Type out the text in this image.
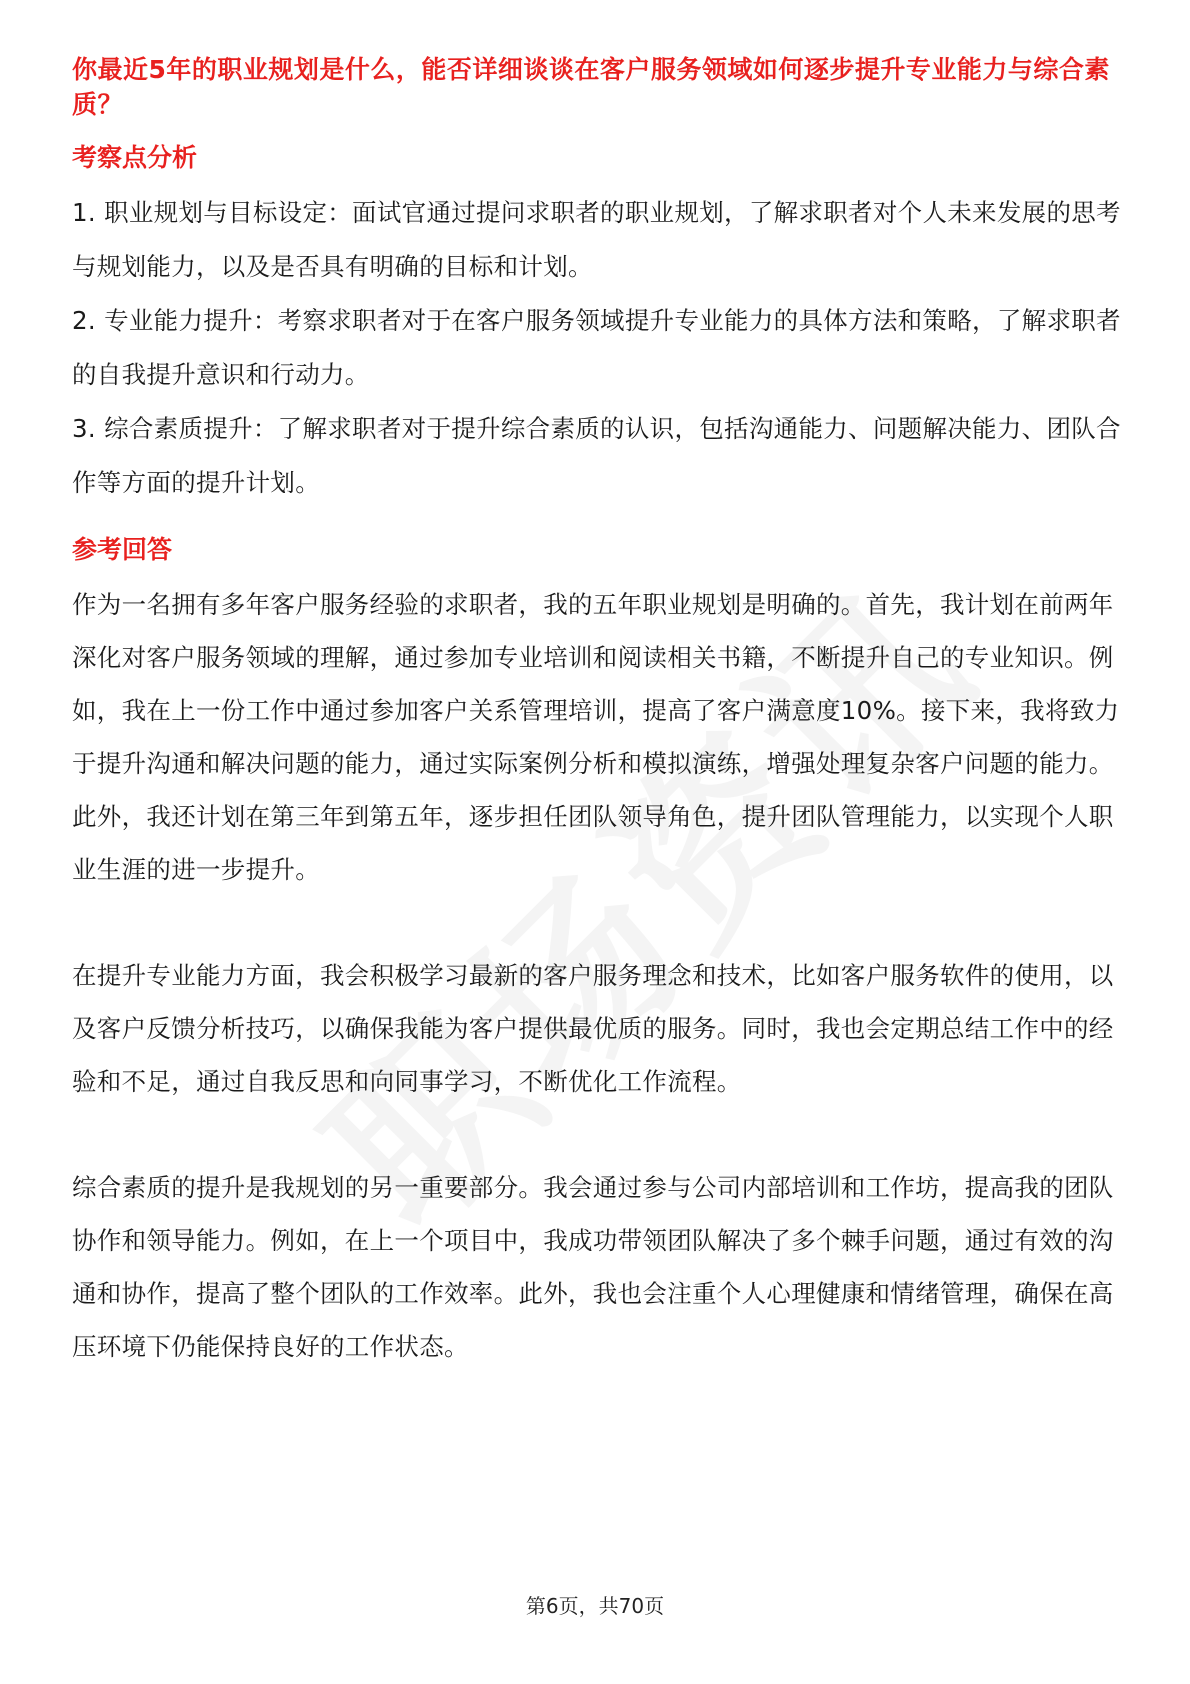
你最近5年的职业规划是什么，能否详细谈谈在客户服务领域如何逐步提升专业能力与综合素质？
考察点分析

1. 职业规划与目标设定：面试官通过提问求职者的职业规划，了解求职者对个人未来发展的思考与规划能力，以及是否具有明确的目标和计划。

2. 专业能力提升：考察求职者对于在客户服务领域提升专业能力的具体方法和策略，了解求职者的自我提升意识和行动力。

3. 综合素质提升：了解求职者对于提升综合素质的认识，包括沟通能力、问题解决能力、团队合作等方面的提升计划。

参考回答

作为一名拥有多年客户服务经验的求职者，我的五年职业规划是明确的。首先，我计划在前两年深化对客户服务领域的理解，通过参加专业培训和阅读相关书籍，不断提升自己的专业知识。例如，我在上一份工作中通过参加客户关系管理培训，提高了客户满意度10%。接下来，我将致力于提升沟通和解决问题的能力，通过实际案例分析和模拟演练，增强处理复杂客户问题的能力。此外，我还计划在第三年到第五年，逐步担任团队领导角色，提升团队管理能力，以实现个人职业生涯的进一步提升。

在提升专业能力方面，我会积极学习最新的客户服务理念和技术，比如客户服务软件的使用，以及客户反馈分析技巧，以确保我能为客户提供最优质的服务。同时，我也会定期总结工作中的经验和不足，通过自我反思和向同事学习，不断优化工作流程。

综合素质的提升是我规划的另一重要部分。我会通过参与公司内部培训和工作坊，提高我的团队协作和领导能力。例如，在上一个项目中，我成功带领团队解决了多个棘手问题，通过有效的沟通和协作，提高了整个团队的工作效率。此外，我也会注重个人心理健康和情绪管理，确保在高压环境下仍能保持良好的工作状态。

第6页，共70页
